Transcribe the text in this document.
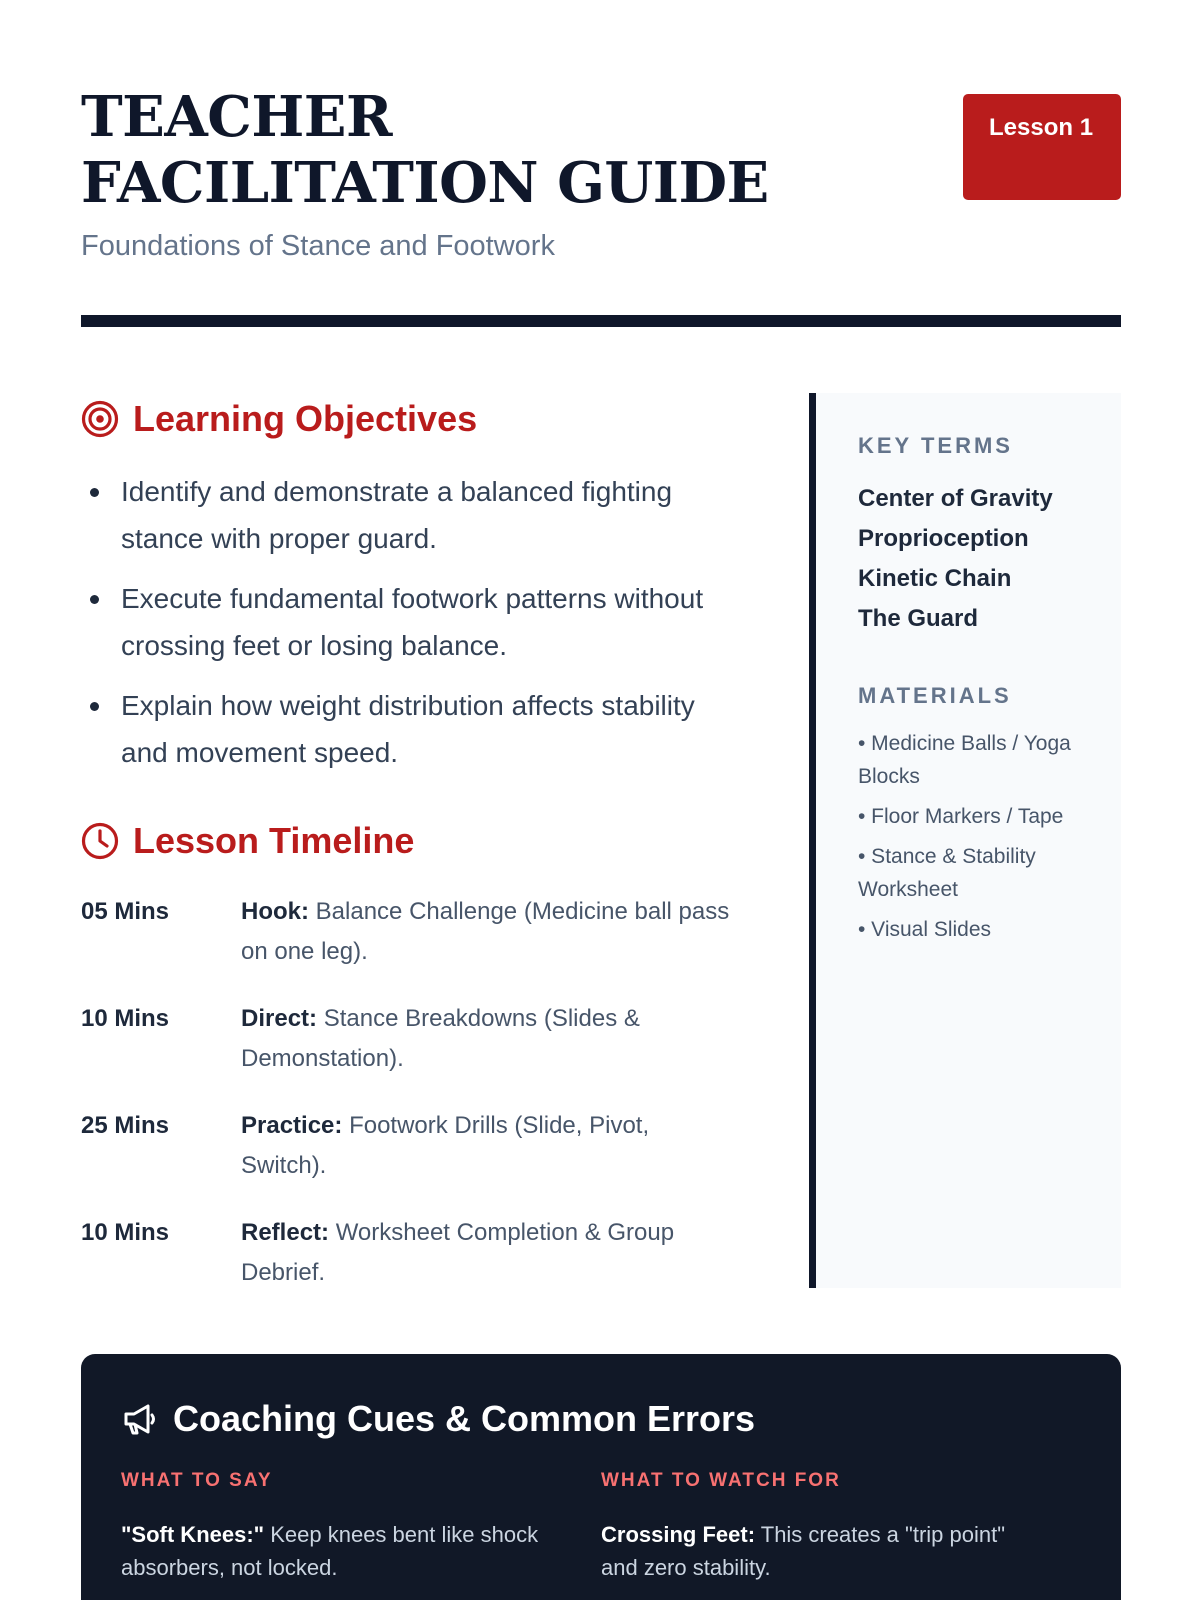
TEACHER FACILITATION GUIDE
Foundations of Stance and Footwork
Lesson 1
Learning Objectives
Identify and demonstrate a balanced fighting stance with proper guard.
Execute fundamental footwork patterns without crossing feet or losing balance.
Explain how weight distribution affects stability and movement speed.
Lesson Timeline
05 Mins	Hook: Balance Challenge (Medicine ball pass on one leg).
10 Mins	Direct: Stance Breakdowns (Slides & Demonstation).
25 Mins	Practice: Footwork Drills (Slide, Pivot, Switch).
10 Mins	Reflect: Worksheet Completion & Group Debrief.
KEY TERMS
Center of Gravity
Proprioception
Kinetic Chain
The Guard
MATERIALS
• Medicine Balls / Yoga Blocks
• Floor Markers / Tape
• Stance & Stability Worksheet
• Visual Slides
Coaching Cues & Common Errors
WHAT TO SAY

"Soft Knees:" Keep knees bent like shock absorbers, not locked.

WHAT TO WATCH FOR

Crossing Feet: This creates a "trip point" and zero stability.
